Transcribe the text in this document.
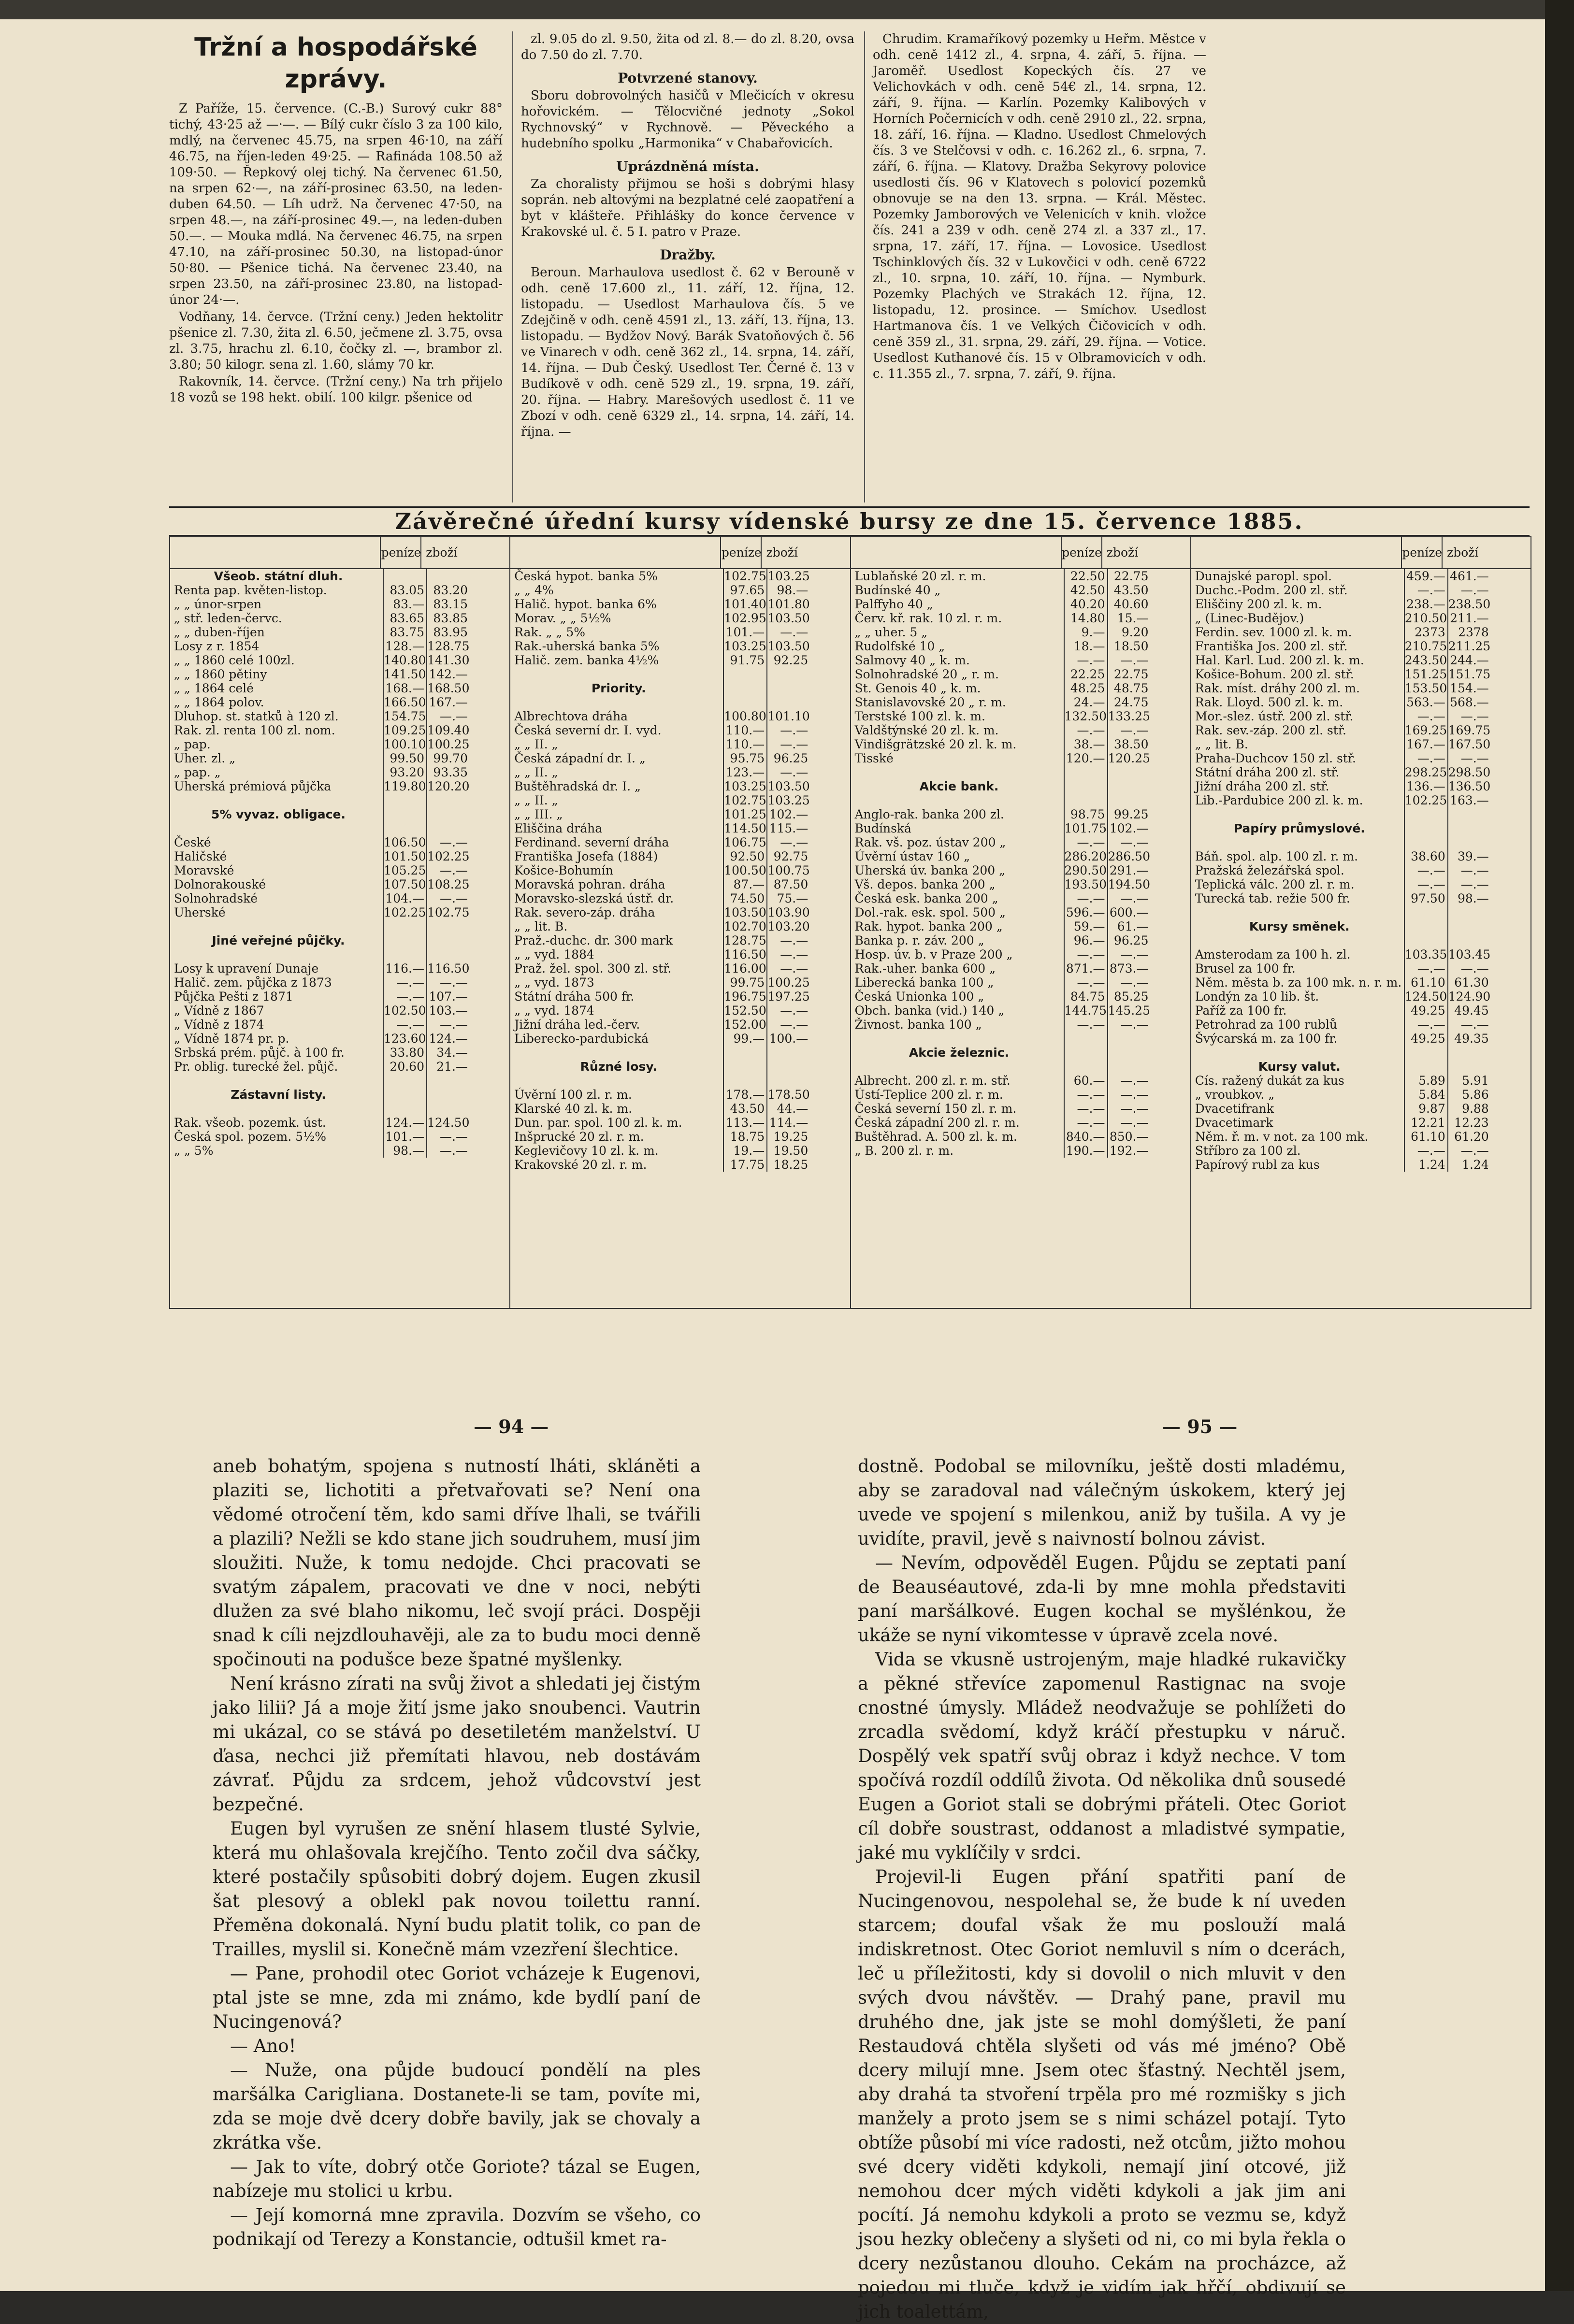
Tržní a hospodářské zprávy.

Z Paříže, 15. července. (C.-B.) Surový cukr 88° tichý, 43·25 až —·—. — Bílý cukr číslo 3 za 100 kilo, mdlý, na červenec 45.75, na srpen 46·10, na září 46.75, na říjen-leden 49·25. — Rafináda 108.50 až 109·50. — Řepkový olej tichý. Na červenec 61.50, na srpen 62·—, na září-prosinec 63.50, na leden-duben 64.50. — Líh udrž. Na červenec 47·50, na srpen 48.—, na září-prosinec 49.—, na leden-duben 50.—. — Mouka mdlá. Na červenec 46.75, na srpen 47.10, na září-prosinec 50.30, na listopad-únor 50·80. — Pšenice tichá. Na červenec 23.40, na srpen 23.50, na září-prosinec 23.80, na listopad-únor 24·—.

Vodňany, 14. červce. (Tržní ceny.) Jeden hektolitr pšenice zl. 7.30, žita zl. 6.50, ječmene zl. 3.75, ovsa zl. 3.75, hrachu zl. 6.10, čočky zl. —, brambor zl. 3.80; 50 kilogr. sena zl. 1.60, slámy 70 kr.

Rakovník, 14. červce. (Tržní ceny.) Na trh přijelo 18 vozů se 198 hekt. obilí. 100 kilgr. pšenice od

zl. 9.05 do zl. 9.50, žita od zl. 8.— do zl. 8.20, ovsa do 7.50 do zl. 7.70.

Potvrzené stanovy.

Sboru dobrovolných hasičů v Mlečicích v okresu hořovickém. — Tělocvičné jednoty „Sokol Rychnovský“ v Rychnově. — Pěveckého a hudebního spolku „Harmonika“ v Chabařovicích.

Uprázdněná místa.

Za choralisty přijmou se hoši s dobrými hlasy soprán. neb altovými na bezplatné celé zaopatření a byt v klášteře. Přihlášky do konce července v Krakovské ul. č. 5 I. patro v Praze.

Dražby.

Beroun. Marhaulova usedlost č. 62 v Berouně v odh. ceně 17.600 zl., 11. září, 12. října, 12. listopadu. — Usedlost Marhaulova čís. 5 ve Zdejčině v odh. ceně 4591 zl., 13. září, 13. října, 13. listopadu. — Bydžov Nový. Barák Svatoňových č. 56 ve Vinarech v odh. ceně 362 zl., 14. srpna, 14. září, 14. října. — Dub Český. Usedlost Ter. Černé č. 13 v Budíkově v odh. ceně 529 zl., 19. srpna, 19. září, 20. října. — Habry. Marešových usedlost č. 11 ve Zbozí v odh. ceně 6329 zl., 14. srpna, 14. září, 14. října. —

Chrudim. Kramaříkový pozemky u Heřm. Městce v odh. ceně 1412 zl., 4. srpna, 4. září, 5. října. — Jaroměř. Usedlost Kopeckých čís. 27 ve Velichovkách v odh. ceně 54€ zl., 14. srpna, 12. září, 9. října. — Karlín. Pozemky Kalibových v Horních Počernicích v odh. ceně 2910 zl., 22. srpna, 18. září, 16. října. — Kladno. Usedlost Chmelových čís. 3 ve Stelčovsi v odh. c. 16.262 zl., 6. srpna, 7. září, 6. října. — Klatovy. Dražba Sekyrovy polovice usedlosti čís. 96 v Klatovech s polovicí pozemků obnovuje se na den 13. srpna. — Král. Městec. Pozemky Jamborových ve Velenicích v knih. vložce čís. 241 a 239 v odh. ceně 274 zl. a 337 zl., 17. srpna, 17. září, 17. října. — Lovosice. Usedlost Tschinklových čís. 32 v Lukovčici v odh. ceně 6722 zl., 10. srpna, 10. září, 10. října. — Nymburk. Pozemky Plachých ve Strakách 12. října, 12. listopadu, 12. prosince. — Smíchov. Usedlost Hartmanova čís. 1 ve Velkých Čičovicích v odh. ceně 359 zl., 31. srpna, 29. září, 29. října. — Votice. Usedlost Kuthanové čís. 15 v Olbramovicích v odh. c. 11.355 zl., 7. srpna, 7. září, 9. října.

Závěrečné úřední kursy vídenské bursy ze dne 15. července 1885.
peníze zboží
Všeob. státní dluh.
Renta pap. květen-listop.	83.05 83.20
„ „ únor-srpen	83.— 83.15
„ stř. leden-červc.	83.65 83.85
„ „ duben-říjen	83.75 83.95
Losy z r. 1854	128.— 128.75
„ „ 1860 celé 100zl.	140.80 141.30
„ „ 1860 pětiny	141.50 142.—
„ „ 1864 celé	168.— 168.50
„ „ 1864 polov.	166.50 167.—
Dluhop. st. statků à 120 zl.	154.75	—.—
Rak. zl. renta 100 zl. nom.	109.25 109.40
„ pap.	100.10 100.25
Uher. zl. „	99.50 99.70
„ pap. „	93.20 93.35
Uherská prémiová půjčka	119.80 120.20
5% vyvaz. obligace.
České	106.50	—.—
Haličské	101.50 102.25
Moravské	105.25	—.—
Dolnorakouské	107.50 108.25
Solnohradské	104.—	—.—
Uherské	102.25 102.75
Jiné veřejné půjčky.
Losy k upravení Dunaje	116.— 116.50
Halič. zem. půjčka z 1873	—.—	—.—
Půjčka Pešti z 1871	—.— 107.—
„ Vídně z 1867	102.50 103.—
„ Vídně z 1874	—.—	—.—
„ Vídně 1874 pr. p.	123.60 124.—
Srbská prém. půjč. à 100 fr.	33.80	34.—
Pr. oblig. turecké žel. půjč.	20.60	21.—
Zástavní listy.
Rak. všeob. pozemk. úst.	124.— 124.50
Česká spol. pozem. 5½%	101.—	—.—
„ „ 5%	98.—	—.—
peníze zboží
Česká hypot. banka 5%	102.75 103.25
„ „ 4%	97.65	98.—
Halič. hypot. banka 6%	101.40 101.80
Morav. „ „ 5½%	102.95 103.50
Rak. „ „ 5%	101.—	—.—
Rak.-uherská banka 5%	103.25 103.50
Halič. zem. banka 4½%	91.75 92.25
Priority.
Albrechtova dráha	100.80 101.10
Česká severní dr. I. vyd.	110.—	—.—
„ „ II. „	110.—	—.—
Česká západní dr. I. „	95.75 96.25
„ „ II. „	123.—	—.—
Buštěhradská dr. I. „	103.25 103.50
„ „ II. „	102.75 103.25
„ „ III. „	101.25 102.—
Eliščina dráha	114.50 115.—
Ferdinand. severní dráha	106.75	—.—
Františka Josefa (1884)	92.50 92.75
Košice-Bohumín	100.50 100.75
Moravská pohran. dráha	87.— 87.50
Moravsko-slezská ústř. dr.	74.50	75.—
Rak. severo-záp. dráha	103.50 103.90
„ „ lit. B.	102.70 103.20
Praž.-duchc. dr. 300 mark	128.75	—.—
„ „ vyd. 1884	116.50	—.—
Praž. žel. spol. 300 zl. stř.	116.00	—.—
„ „ vyd. 1873	99.75 100.25
Státní dráha 500 fr.	196.75 197.25
„ „ vyd. 1874	152.50	—.—
Jižní dráha led.-červ.	152.00	—.—
Liberecko-pardubická	99.— 100.—
Různé losy.
Úvěrní 100 zl. r. m.	178.— 178.50
Klarské 40 zl. k. m.	43.50	44.—
Dun. par. spol. 100 zl. k. m.	113.— 114.—
Inšprucké 20 zl. r. m.	18.75 19.25
Keglevičovy 10 zl. k. m.	19.— 19.50
Krakovské 20 zl. r. m.	17.75 18.25
peníze zboží
Lublaňské 20 zl. r. m.	22.50 22.75
Budínské 40 „	42.50 43.50
Palffyho 40 „	40.20 40.60
Červ. kř. rak. 10 zl. r. m.	14.80	15.—
„ „ uher. 5 „	9.—	9.20
Rudolfské 10 „	18.— 18.50
Salmovy 40 „ k. m.	—.—	—.—
Solnohradské 20 „ r. m.	22.25 22.75
St. Genois 40 „ k. m.	48.25 48.75
Stanislavovské 20 „ r. m.	24.— 24.75
Terstské 100 zl. k. m.	132.50 133.25
Valdštýnské 20 zl. k. m.	—.—	—.—
Vindišgrätzské 20 zl. k. m.	38.— 38.50
Tisské	120.— 120.25
Akcie bank.
Anglo-rak. banka 200 zl.	98.75 99.25
Budínská	101.75 102.—
Rak. vš. poz. ústav 200 „	—.—	—.—
Úvěrní ústav 160 „	286.20 286.50
Uherská úv. banka 200 „	290.50 291.—
Vš. depos. banka 200 „	193.50 194.50
Česká esk. banka 200 „	—.—	—.—
Dol.-rak. esk. spol. 500 „	596.— 600.—
Rak. hypot. banka 200 „	59.—	61.—
Banka p. r. záv. 200 „	96.— 96.25
Hosp. úv. b. v Praze 200 „	—.—	—.—
Rak.-uher. banka 600 „	871.— 873.—
Liberecká banka 100 „	—.—	—.—
Česká Unionka 100 „	84.75 85.25
Obch. banka (vid.) 140 „	144.75 145.25
Živnost. banka 100 „	—.—	—.—
Akcie železnic.
Albrecht. 200 zl. r. m. stř.	60.—	—.—
Ústí-Teplice 200 zl. r. m.	—.—	—.—
Česká severní 150 zl. r. m.	—.—	—.—
Česká západní 200 zl. r. m.	—.—	—.—
Buštěhrad. A. 500 zl. k. m.	840.— 850.—
„ B. 200 zl. r. m.	190.— 192.—
peníze zboží
Dunajské paropl. spol.	459.— 461.—
Duchc.-Podm. 200 zl. stř.	—.—	—.—
Eliščiny 200 zl. k. m.	238.— 238.50
„ (Linec-Budějov.)	210.50 211.—
Ferdin. sev. 1000 zl. k. m.	2373	2378
Františka Jos. 200 zl. stř.	210.75 211.25
Hal. Karl. Lud. 200 zl. k. m.	243.50 244.—
Košice-Bohum. 200 zl. stř.	151.25 151.75
Rak. míst. dráhy 200 zl. m.	153.50 154.—
Rak. Lloyd. 500 zl. k. m.	563.— 568.—
Mor.-slez. ústř. 200 zl. stř.	—.—	—.—
Rak. sev.-záp. 200 zl. stř.	169.25 169.75
„ „ lit. B.	167.— 167.50
Praha-Duchcov 150 zl. stř.	—.—	—.—
Státní dráha 200 zl. stř.	298.25 298.50
Jižní dráha 200 zl. stř.	136.— 136.50
Lib.-Pardubice 200 zl. k. m.	102.25 163.—
Papíry průmyslové.
Báň. spol. alp. 100 zl. r. m.	38.60	39.—
Pražská železářská spol.	—.—	—.—
Teplická válc. 200 zl. r. m.	—.—	—.—
Turecká tab. režie 500 fr.	97.50	98.—
Kursy směnek.
Amsterodam za 100 h. zl.	103.35 103.45
Brusel za 100 fr.	—.—	—.—
Něm. města b. za 100 mk. n. r. m. 61.10 61.30
Londýn za 10 lib. št.	124.50 124.90
Paříž za 100 fr.	49.25 49.45
Petrohrad za 100 rublů	—.—	—.—
Švýcarská m. za 100 fr.	49.25 49.35
Kursy valut.
Cís. ražený dukát za kus	5.89	5.91
„ vroubkov. „	5.84	5.86
Dvacetifrank	9.87	9.88
Dvacetimark	12.21 12.23
Něm. ř. m. v not. za 100 mk.	61.10 61.20
Stříbro za 100 zl.	—.—	—.—
Papírový rubl za kus	1.24	1.24
— 94 —	— 95 —

aneb bohatým, spojena s nutností lháti, skláněti a plaziti se, lichotiti a přetvařovati se? Není ona vědomé otročení těm, kdo sami dříve lhali, se tvářili a plazili? Nežli se kdo stane jich soudruhem, musí jim sloužiti. Nuže, k tomu nedojde. Chci pracovati se svatým zápalem, pracovati ve dne v noci, nebýti dlužen za své blaho nikomu, leč svojí práci. Dospěji snad k cíli nejzdlouhavěji, ale za to budu moci denně spočinouti na podušce beze špatné myšlenky.

Není krásno zírati na svůj život a shledati jej čistým jako lilii? Já a moje žití jsme jako snoubenci. Vautrin mi ukázal, co se stává po desetiletém manželství. U ďasa, nechci již přemítati hlavou, neb dostávám závrať. Půjdu za srdcem, jehož vůdcovství jest bezpečné.

Eugen byl vyrušen ze snění hlasem tlusté Sylvie, která mu ohlašovala krejčího. Tento zočil dva sáčky, které postačily spůsobiti dobrý dojem. Eugen zkusil šat plesový a oblekl pak novou toilettu ranní. Přeměna dokonalá. Nyní budu platit tolik, co pan de Trailles, myslil si. Konečně mám vzezření šlechtice.

— Pane, prohodil otec Goriot vcházeje k Eugenovi, ptal jste se mne, zda mi známo, kde bydlí paní de Nucingenová?

— Ano!

— Nuže, ona půjde budoucí pondělí na ples maršálka Carigliana. Dostanete-li se tam, povíte mi, zda se moje dvě dcery dobře bavily, jak se chovaly a zkrátka vše.

— Jak to víte, dobrý otče Goriote? tázal se Eugen, nabízeje mu stolici u krbu.

— Její komorná mne zpravila. Dozvím se všeho, co podnikají od Terezy a Konstancie, odtušil kmet ra-

dostně. Podobal se milovníku, ještě dosti mladému, aby se zaradoval nad válečným úskokem, který jej uvede ve spojení s milenkou, aniž by tušila. A vy je uvidíte, pravil, jevě s naivností bolnou závist.

— Nevím, odpověděl Eugen. Půjdu se zeptati paní de Beauséautové, zda-li by mne mohla představiti paní maršálkové. Eugen kochal se myšlénkou, že ukáže se nyní vikomtesse v úpravě zcela nové.

Vida se vkusně ustrojeným, maje hladké rukavičky a pěkné střevíce zapomenul Rastignac na svoje cnostné úmysly. Mládež neodvažuje se pohlížeti do zrcadla svědomí, když kráčí přestupku v náruč. Dospělý vek spatří svůj obraz i když nechce. V tom spočívá rozdíl oddílů života. Od několika dnů sousedé Eugen a Goriot stali se dobrými přáteli. Otec Goriot cíl dobře soustrast, oddanost a mladistvé sympatie, jaké mu vyklíčily v srdci.

Projevil-li Eugen přání spatřiti paní de Nucingenovou, nespolehal se, že bude k ní uveden starcem; doufal však že mu poslouží malá indiskretnost. Otec Goriot nemluvil s ním o dcerách, leč u příležitosti, kdy si dovolil o nich mluvit v den svých dvou návštěv. — Drahý pane, pravil mu druhého dne, jak jste se mohl domýšleti, že paní Restaudová chtěla slyšeti od vás mé jméno? Obě dcery milují mne. Jsem otec šťastný. Nechtěl jsem, aby drahá ta stvoření trpěla pro mé rozmišky s jich manžely a proto jsem se s nimi scházel potají. Tyto obtíže působí mi více radosti, než otcům, jižto mohou své dcery viděti kdykoli, nemají jiní otcové, již nemohou dcer mých viděti kdykoli a jak jim ani pocítí. Já nemohu kdykoli a proto se vezmu se, když jsou hezky oblečeny a slyšeti od ni, co mi byla řekla o dcery nezůstanou dlouho. Cekám na procházce, až pojedou mi tluče, když je vidím jak hřčí, obdivují se jich toalettám,
